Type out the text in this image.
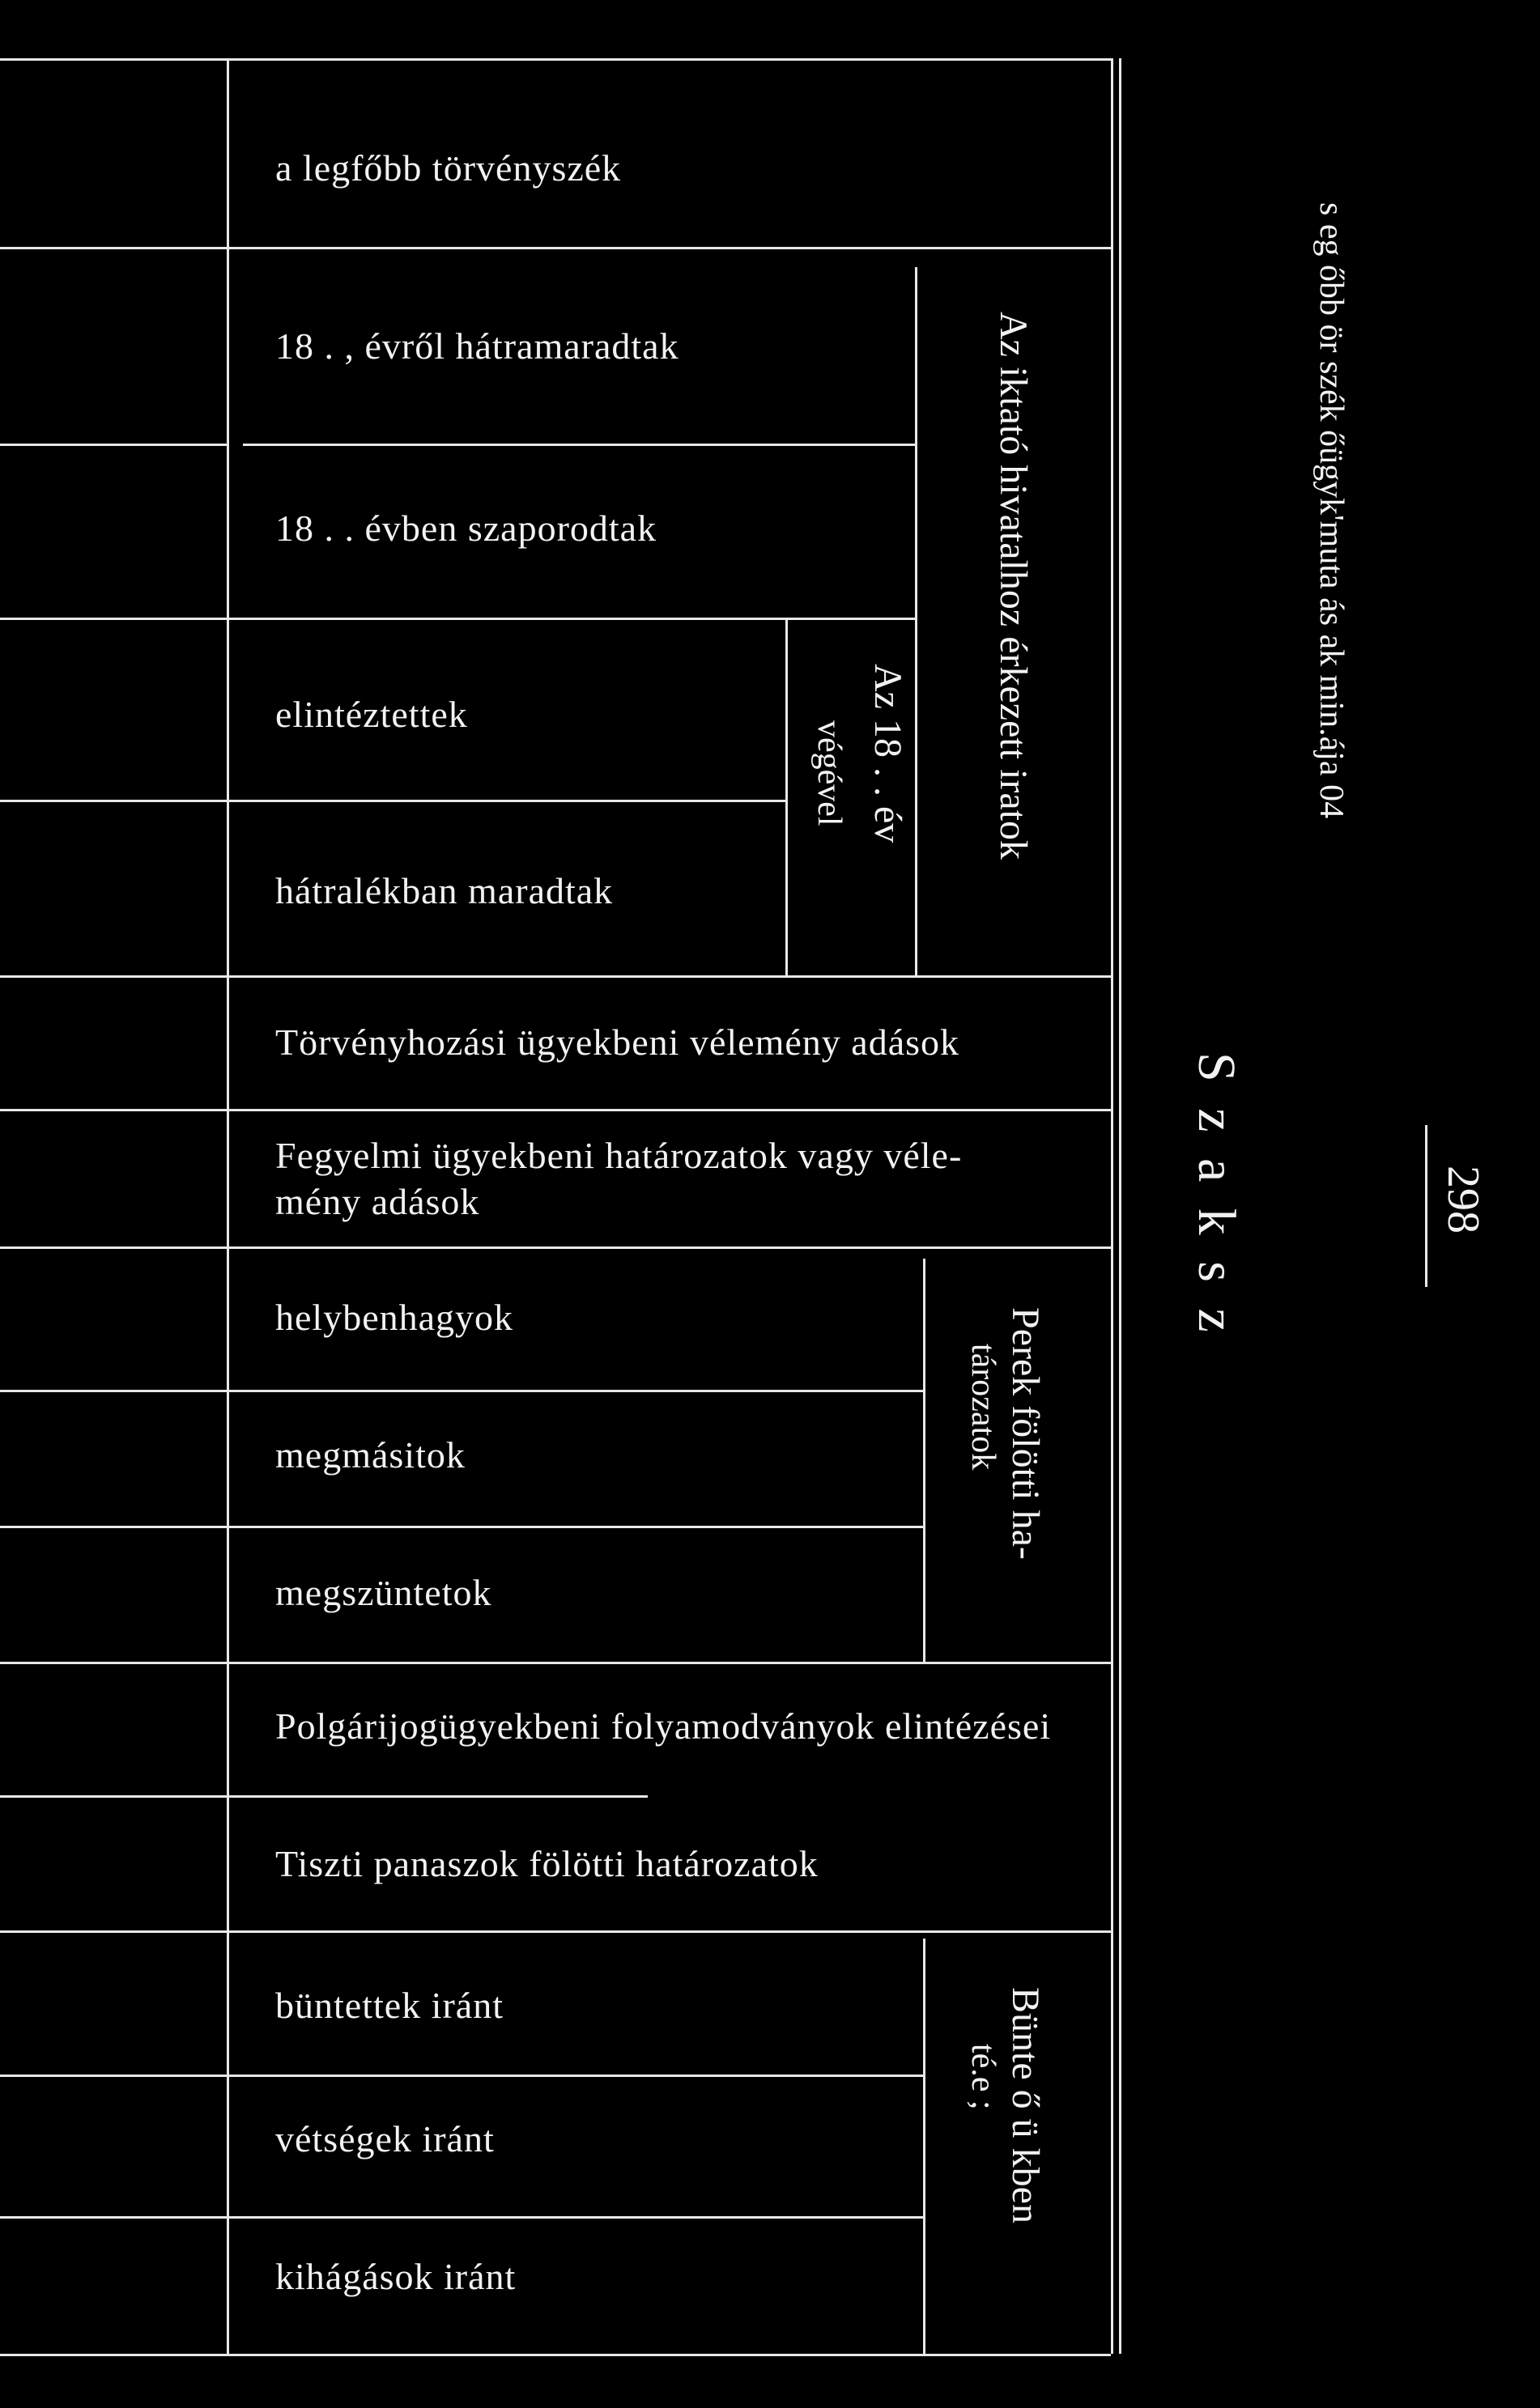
a legfőbb törvényszék
18 . , évről hátramaradtak
18 . . évben szaporodtak
elintéztettek
hátralékban maradtak
Törvényhozási ügyekbeni vélemény adások
Fegyelmi ügyekbeni határozatok vagy véle-
mény adások
helybenhagyok
megmásitok
megszüntetok
Polgárijogügyekbeni folyamodványok elintézései
Tiszti panaszok fölötti határozatok
büntettek iránt
vétségek iránt
kihágások iránt
Az iktató hivatalhoz érkezett iratok
Az 18 . . év
végével
Perek fölötti ha-
tározatok
Bünte ő ü kben
té.e ;
s eg őbb ör szék őügyk'muta ás ak min.ája 04
S z a k s z	298
